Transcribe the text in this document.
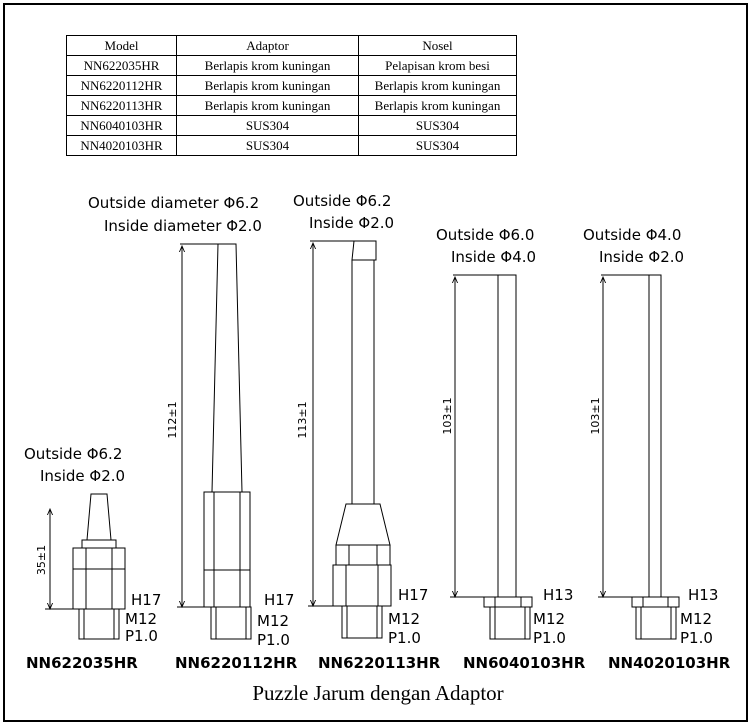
Model	Adaptor	Nosel
NN622035HR	Berlapis krom kuningan	Pelapisan krom besi
NN6220112HR	Berlapis krom kuningan	Berlapis krom kuningan
NN6220113HR	Berlapis krom kuningan	Berlapis krom kuningan
NN6040103HR	SUS304	SUS304
NN4020103HR	SUS304	SUS304
Outside Φ6.2
Inside Φ2.0
35±1
H17
M12
P1.0
NN622035HR
Outside diameter Φ6.2
Inside diameter Φ2.0
112±1
H17
M12
P1.0
NN6220112HR
Outside Φ6.2
Inside Φ2.0
113±1
H17
M12
P1.0
NN6220113HR
Outside Φ6.0
Inside Φ4.0
103±1
H13
M12
P1.0
NN6040103HR
Outside Φ4.0
Inside Φ2.0
103±1
H13
M12
P1.0
NN4020103HR
Puzzle Jarum dengan Adaptor
